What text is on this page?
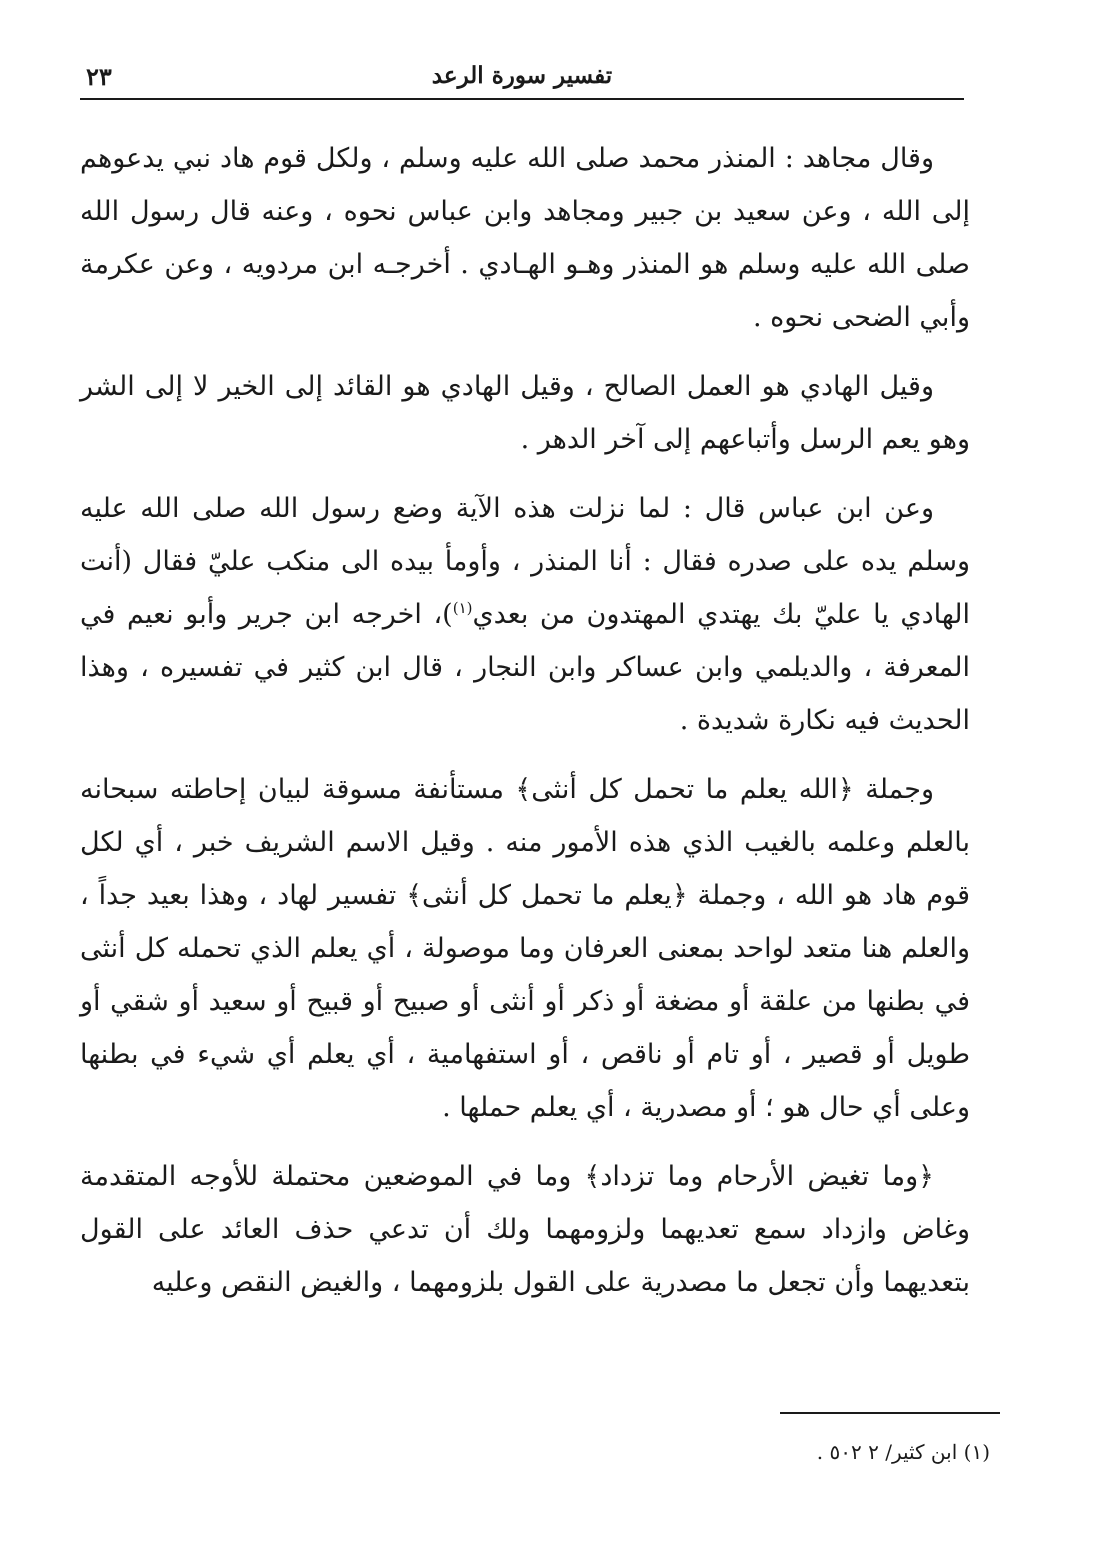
تفسير سورة الرعد
٢٣

وقال مجاهد : المنذر محمد صلى الله عليه وسلم ، ولكل قوم هاد نبي يدعوهم إلى الله ، وعن سعيد بن جبير ومجاهد وابن عباس نحوه ، وعنه قال رسول الله صلى الله عليه وسلم هو المنذر وهـو الهـادي . أخرجـه ابن مردويه ، وعن عكرمة وأبي الضحى نحوه .

وقيل الهادي هو العمل الصالح ، وقيل الهادي هو القائد إلى الخير لا إلى الشر وهو يعم الرسل وأتباعهم إلى آخر الدهر .

وعن ابن عباس قال : لما نزلت هذه الآية وضع رسول الله صلى الله عليه وسلم يده على صدره فقال : أنا المنذر ، وأومأ بيده الى منكب عليّ فقال (أنت الهادي يا عليّ بك يهتدي المهتدون من بعدي$^{(١)}$)، اخرجه ابن جرير وأبو نعيم في المعرفة ، والديلمي وابن عساكر وابن النجار ، قال ابن كثير في تفسيره ، وهذا الحديث فيه نكارة شديدة .

وجملة ﴿الله يعلم ما تحمل كل أنثى﴾ مستأنفة مسوقة لبيان إحاطته سبحانه بالعلم وعلمه بالغيب الذي هذه الأمور منه . وقيل الاسم الشريف خبر ، أي لكل قوم هاد هو الله ، وجملة ﴿يعلم ما تحمل كل أنثى﴾ تفسير لهاد ، وهذا بعيد جداً ، والعلم هنا متعد لواحد بمعنى العرفان وما موصولة ، أي يعلم الذي تحمله كل أنثى في بطنها من علقة أو مضغة أو ذكر أو أنثى أو صبيح أو قبيح أو سعيد أو شقي أو طويل أو قصير ، أو تام أو ناقص ، أو استفهامية ، أي يعلم أي شيء في بطنها وعلى أي حال هو ؛ أو مصدرية ، أي يعلم حملها .

﴿وما تغيض الأرحام وما تزداد﴾ وما في الموضعين محتملة للأوجه المتقدمة وغاض وازداد سمع تعديهما ولزومهما ولك أن تدعي حذف العائد على القول بتعديهما وأن تجعل ما مصدرية على القول بلزومهما ، والغيض النقص وعليه

(١) ابن كثير/ ٢ ٥٠٢ .
